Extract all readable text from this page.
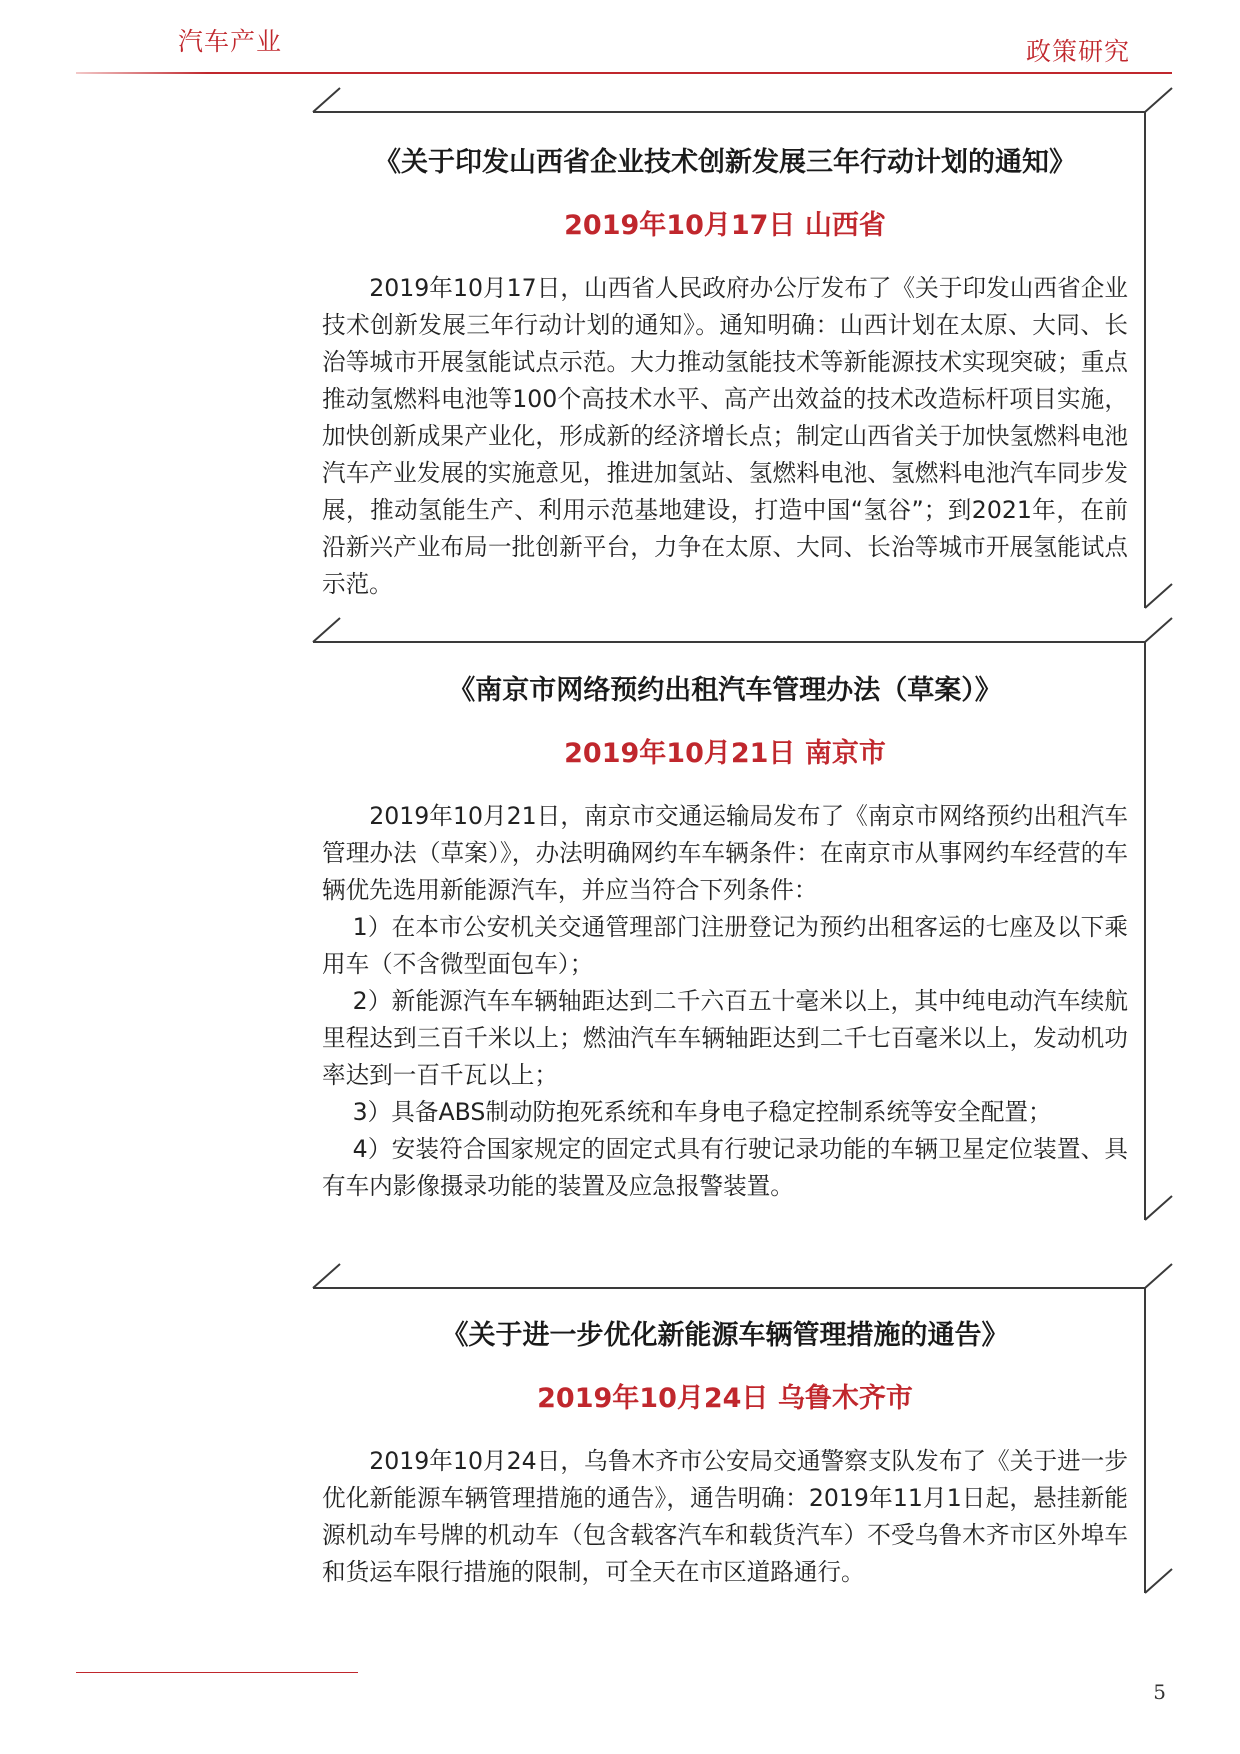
汽车产业	政策研究
《关于印发山西省企业技术创新发展三年行动计划的通知》
2019年10月17日 山西省

2019年10月17日，山西省人民政府办公厅发布了《关于印发山西省企业技术创新发展三年行动计划的通知》。通知明确：山西计划在太原、大同、长治等城市开展氢能试点示范。大力推动氢能技术等新能源技术实现突破；重点推动氢燃料电池等100个高技术水平、高产出效益的技术改造标杆项目实施，加快创新成果产业化，形成新的经济增长点；制定山西省关于加快氢燃料电池汽车产业发展的实施意见，推进加氢站、氢燃料电池、氢燃料电池汽车同步发展，推动氢能生产、利用示范基地建设，打造中国“氢谷”；到2021年，在前沿新兴产业布局一批创新平台，力争在太原、大同、长治等城市开展氢能试点示范。

《南京市网络预约出租汽车管理办法（草案）》
2019年10月21日 南京市

2019年10月21日，南京市交通运输局发布了《南京市网络预约出租汽车管理办法（草案）》，办法明确网约车车辆条件：在南京市从事网约车经营的车辆优先选用新能源汽车，并应当符合下列条件：

1）在本市公安机关交通管理部门注册登记为预约出租客运的七座及以下乘用车（不含微型面包车）；

2）新能源汽车车辆轴距达到二千六百五十毫米以上，其中纯电动汽车续航里程达到三百千米以上；燃油汽车车辆轴距达到二千七百毫米以上，发动机功率达到一百千瓦以上；

3）具备ABS制动防抱死系统和车身电子稳定控制系统等安全配置；

4）安装符合国家规定的固定式具有行驶记录功能的车辆卫星定位装置、具有车内影像摄录功能的装置及应急报警装置。

《关于进一步优化新能源车辆管理措施的通告》
2019年10月24日 乌鲁木齐市

2019年10月24日，乌鲁木齐市公安局交通警察支队发布了《关于进一步优化新能源车辆管理措施的通告》，通告明确：2019年11月1日起，悬挂新能源机动车号牌的机动车（包含载客汽车和载货汽车）不受乌鲁木齐市区外埠车和货运车限行措施的限制，可全天在市区道路通行。

5
